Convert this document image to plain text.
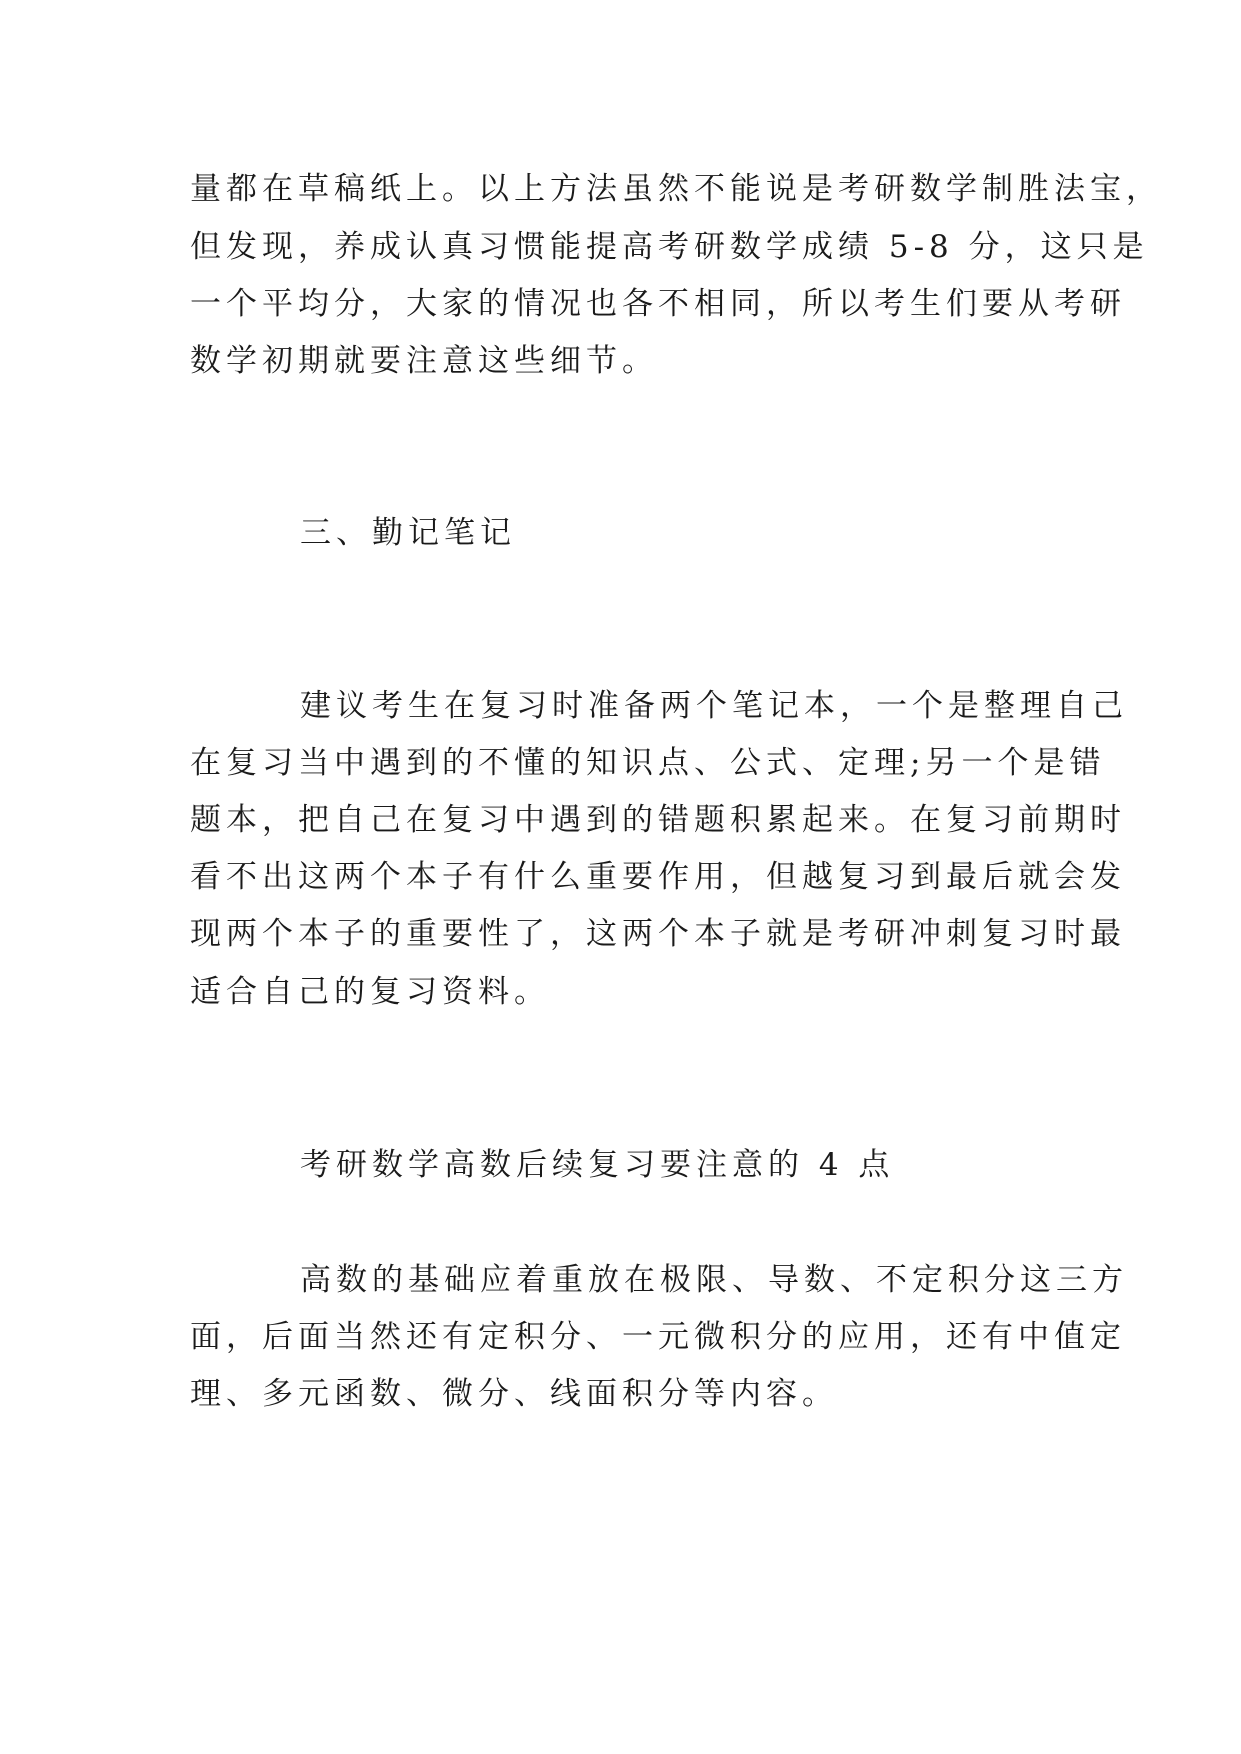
量都在草稿纸上。以上方法虽然不能说是考研数学制胜法宝，
但发现，养成认真习惯能提高考研数学成绩 5-8 分，这只是
一个平均分，大家的情况也各不相同，所以考生们要从考研
数学初期就要注意这些细节。
三、勤记笔记
建议考生在复习时准备两个笔记本，一个是整理自己
在复习当中遇到的不懂的知识点、公式、定理;另一个是错
题本，把自己在复习中遇到的错题积累起来。在复习前期时
看不出这两个本子有什么重要作用，但越复习到最后就会发
现两个本子的重要性了，这两个本子就是考研冲刺复习时最
适合自己的复习资料。
考研数学高数后续复习要注意的 4 点
高数的基础应着重放在极限、导数、不定积分这三方
面，后面当然还有定积分、一元微积分的应用，还有中值定
理、多元函数、微分、线面积分等内容。
